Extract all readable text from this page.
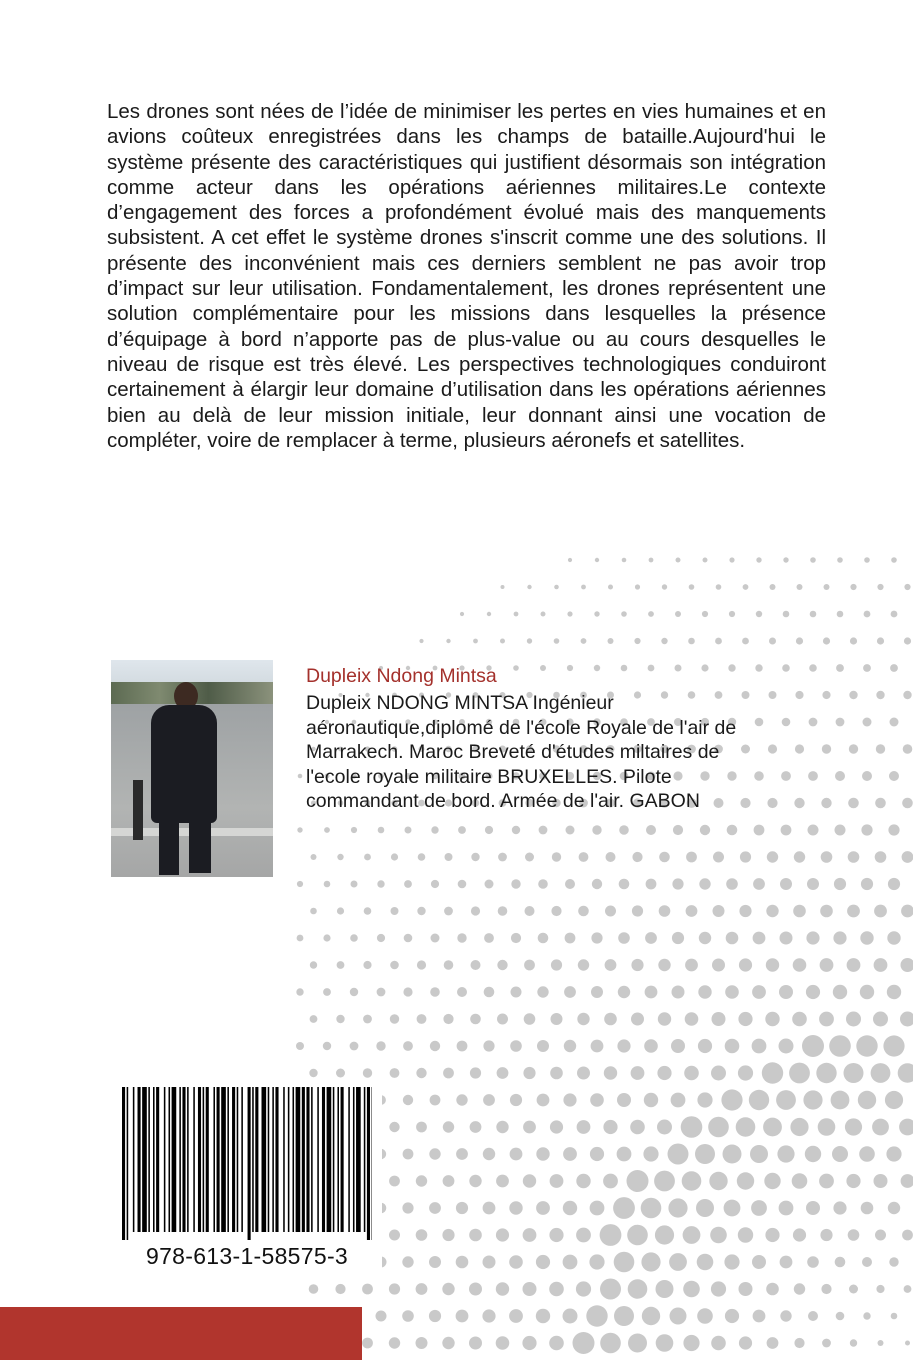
Les drones sont nées de l’idée de minimiser les pertes en vies humaines et en avions coûteux enregistrées dans les champs de bataille.Aujourd'hui le système présente des caractéristiques qui justifient désormais son intégration comme acteur dans les opérations aériennes militaires.Le contexte d’engagement des forces a profondément évolué mais des manquements subsistent. A cet effet le système drones s'inscrit comme une des solutions. Il présente des inconvénient mais ces derniers semblent ne pas avoir trop d’impact sur leur utilisation. Fondamentalement, les drones représentent une solution complémentaire pour les missions dans lesquelles la présence d’équipage à bord n’apporte pas de plus-value ou au cours desquelles le niveau de risque est très élevé. Les perspectives technologiques conduiront certainement à élargir leur domaine d’utilisation dans les opérations aériennes bien au delà de leur mission initiale, leur donnant ainsi une vocation de compléter, voire de remplacer à terme, plusieurs aéronefs et satellites.

Dupleix Ndong Mintsa
Dupleix NDONG MINTSA Ingénieur aéronautique,diplomé de l'école Royale de l'air de Marrakech. Maroc Breveté d'études miltaires de l'ecole royale militaire BRUXELLES. Pilote commandant de bord. Armée de l'air. GABON
978-613-1-58575-3
